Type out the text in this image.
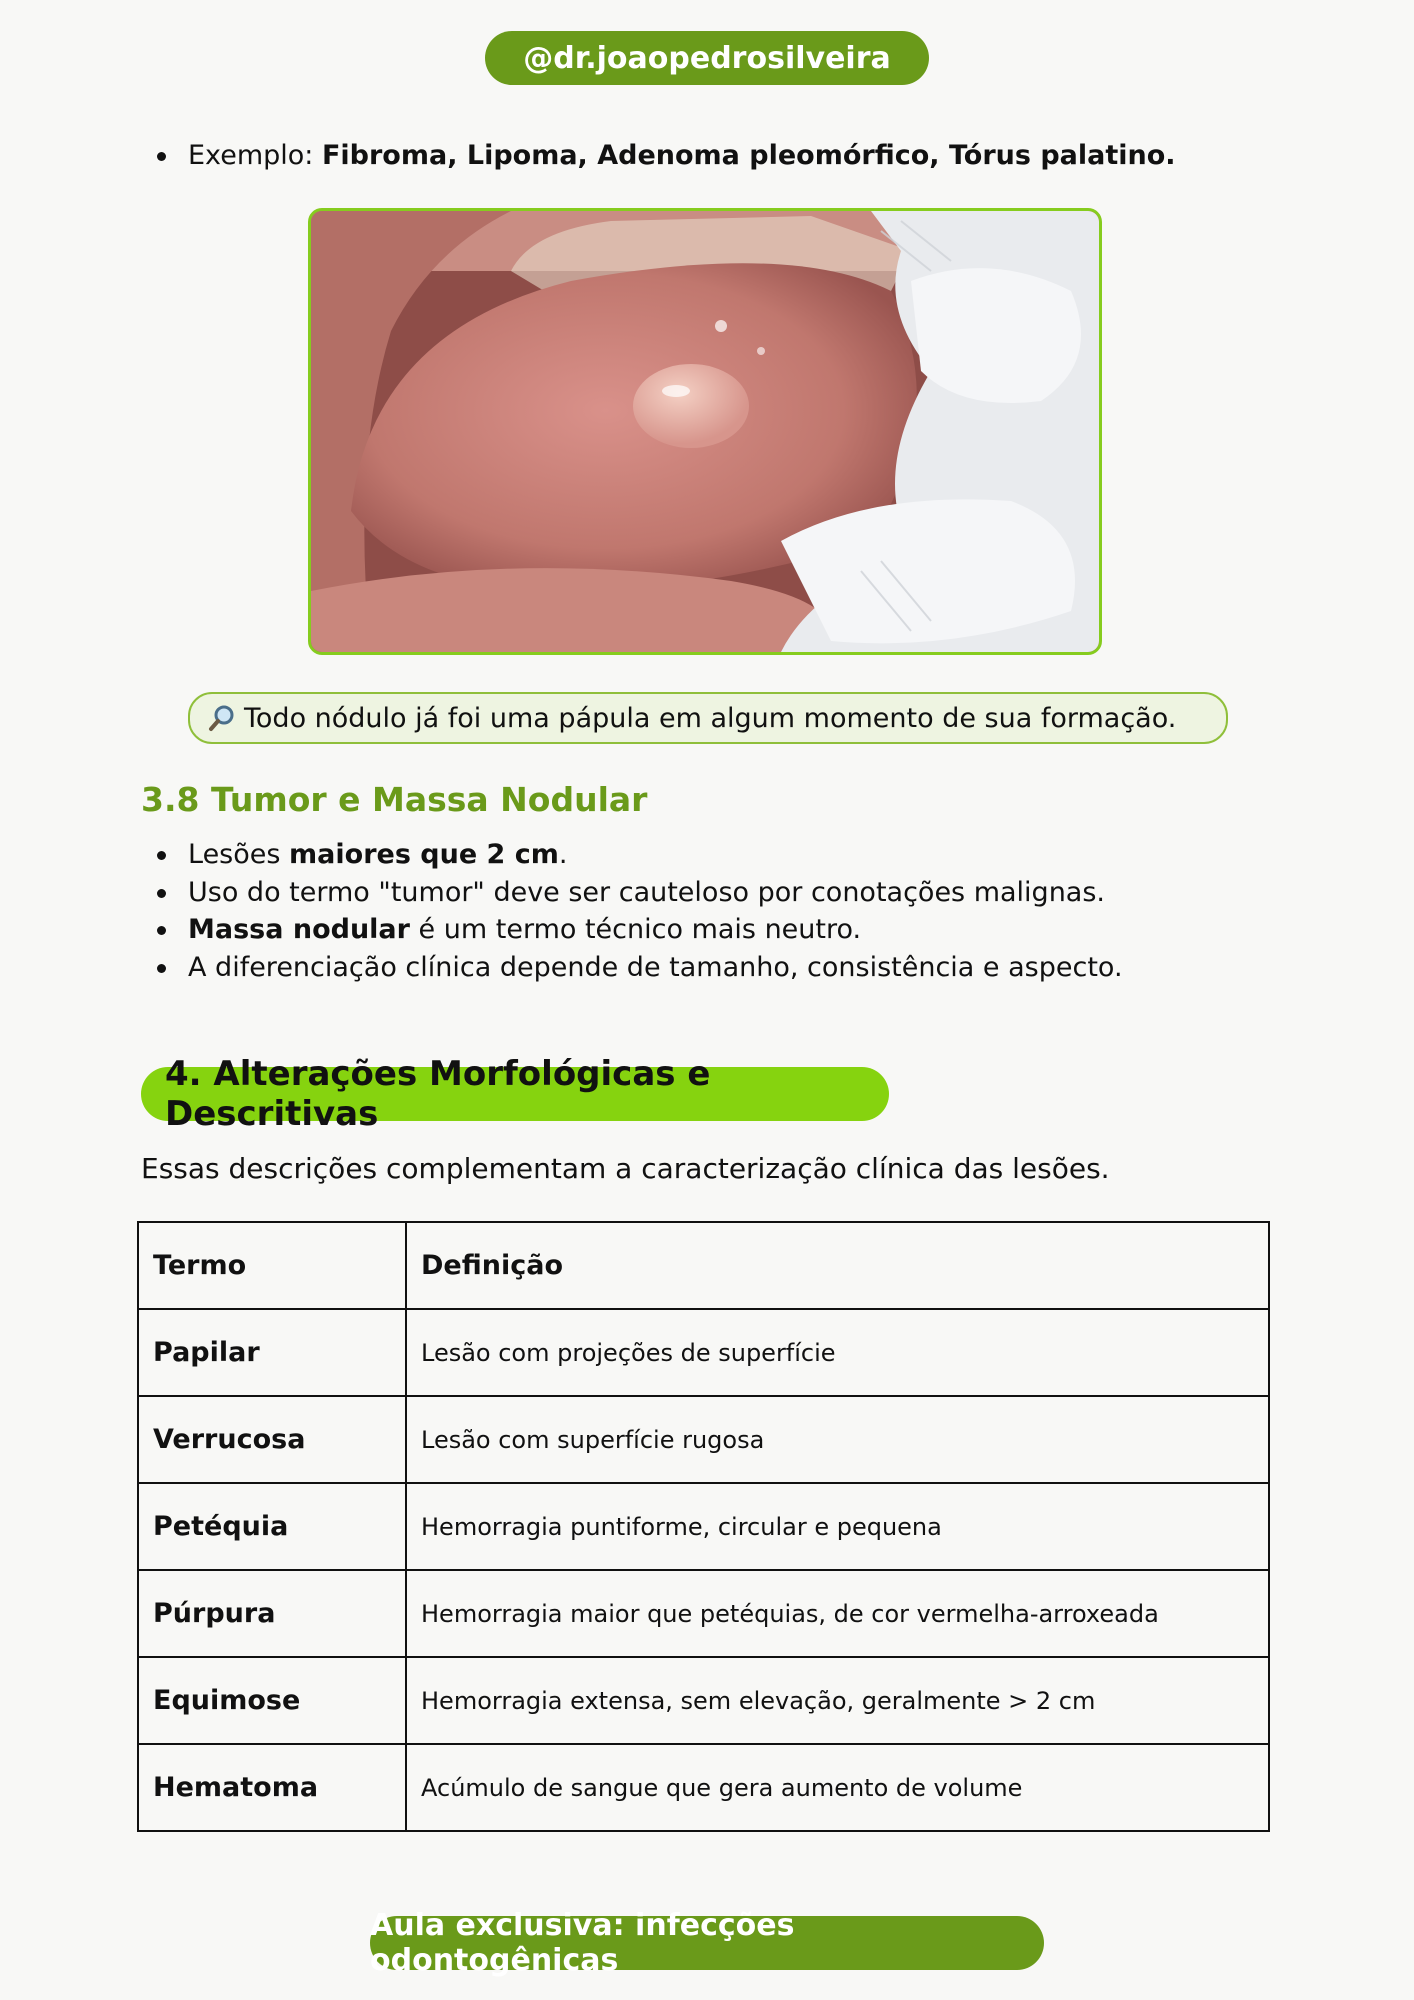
@dr.joaopedrosilveira
Exemplo: Fibroma, Lipoma, Adenoma pleomórfico, Tórus palatino.
Todo nódulo já foi uma pápula em algum momento de sua formação.
3.8 Tumor e Massa Nodular
Lesões maiores que 2 cm.
Uso do termo "tumor" deve ser cauteloso por conotações malignas.
Massa nodular é um termo técnico mais neutro.
A diferenciação clínica depende de tamanho, consistência e aspecto.
4. Alterações Morfológicas e Descritivas
Essas descrições complementam a caracterização clínica das lesões.
Termo	Definição
Papilar	Lesão com projeções de superfície
Verrucosa	Lesão com superfície rugosa
Petéquia	Hemorragia puntiforme, circular e pequena
Púrpura	Hemorragia maior que petéquias, de cor vermelha-arroxeada
Equimose	Hemorragia extensa, sem elevação, geralmente > 2 cm
Hematoma	Acúmulo de sangue que gera aumento de volume
Aula exclusiva: infecções odontogênicas
